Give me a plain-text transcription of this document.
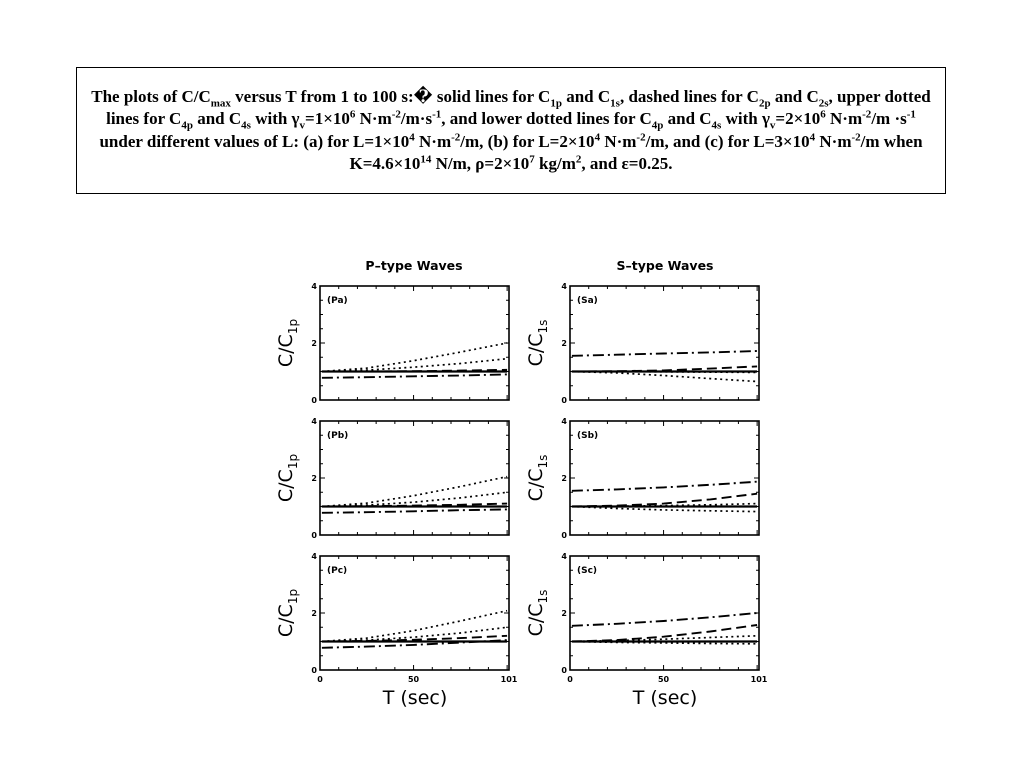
The plots of $C/C_{max}$ versus T from 1 to 100 s:� solid lines for $C_{1p}$ and $C_{1s}$, dashed lines for $C_{2p}$ and $C_{2s}$, upper dotted lines for $C_{4p}$ and $C_{4s}$ with $\gamma_v=1\times 10^6$ $N\cdot m^{-2}/m\cdot s^{-1}$, and lower dotted lines for $C_{4p}$ and $C_{4s}$ with $\gamma_v=2\times 10^6$ $N\cdot m^{-2}/m \cdot s^{-1}$ under different values of L: (a) for $L=1\times 10^4$ $N\cdot m^{-2}/m$, (b) for $L=2\times 10^4$ $N\cdot m^{-2}/m$, and (c) for $L=3\times 10^4$ $N\cdot m^{-2}/m$ when $K=4.6\times 10^{14}$ N/m, $\rho=2\times 10^7$ $kg/m^2$, and ε=0.25.

P–type Waves	S–type Waves
T (sec)	T (sec)
0
2
4
(Pa)
$C/C_{1p}$
0
2
4
(Sa)
$C/C_{1s}$
0
2
4
(Pb)
$C/C_{1p}$
0
2
4
(Sb)
$C/C_{1s}$
0
2
4
0	50	101
(Pc)
$C/C_{1p}$
0
2
4
0	50	101
(Sc)
$C/C_{1s}$
